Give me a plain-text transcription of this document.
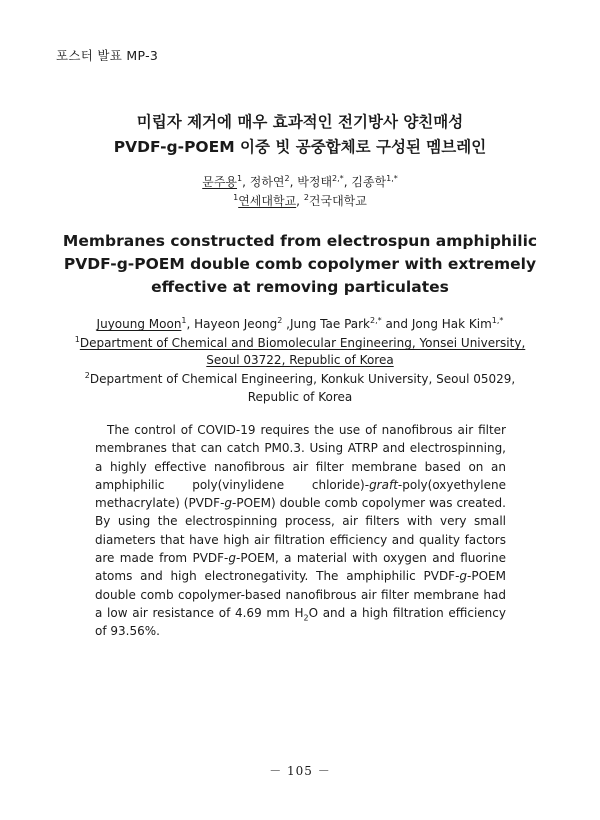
포스터 발표 MP-3
미립자 제거에 매우 효과적인 전기방사 양친매성
PVDF-g-POEM 이중 빗 공중합체로 구성된 멤브레인
문주용$^1$, 정하연$^2$, 박정태$^{2,*}$, 김종학$^{1,*}$
$^1$연세대학교, $^2$건국대학교
Membranes constructed from electrospun amphiphilic
PVDF-g-POEM double comb copolymer with extremely
effective at removing particulates
Juyoung Moon$^1$, Hayeon Jeong$^2$ ,Jung Tae Park$^{2,*}$ and Jong Hak Kim$^{1,*}$
$^1$Department of Chemical and Biomolecular Engineering, Yonsei University,
Seoul 03722, Republic of Korea
$^2$Department of Chemical Engineering, Konkuk University, Seoul 05029,
Republic of Korea

The control of COVID-19 requires the use of nanofibrous air filter membranes that can catch PM0.3. Using ATRP and electrospinning, a highly effective nanofibrous air filter membrane based on an amphiphilic poly(vinylidene chloride)-graft-poly(oxyethylene methacrylate) (PVDF-g-POEM) double comb copolymer was created. By using the electrospinning process, air filters with very small diameters that have high air filtration efficiency and quality factors are made from PVDF-g-POEM, a material with oxygen and fluorine atoms and high electronegativity. The amphiphilic PVDF-g-POEM double comb copolymer-based nanofibrous air filter membrane had a low air resistance of 4.69 mm $H_2O$ and a high filtration efficiency of 93.56%.

－ 105 －
